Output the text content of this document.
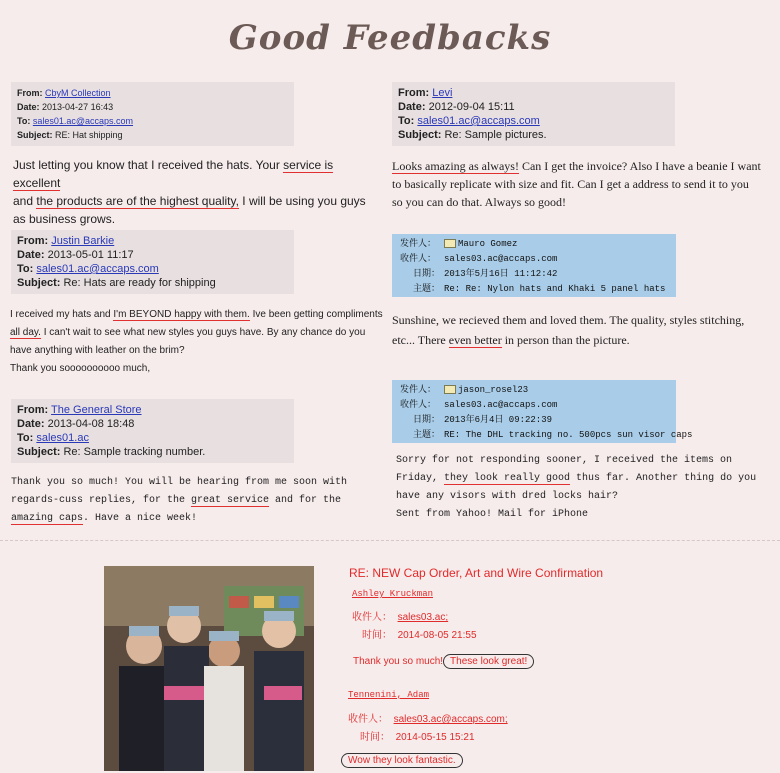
Good Feedbacks
From: CbyM Collection
Date: 2013-04-27 16:43
To: sales01.ac@accaps.com
Subject: RE: Hat shipping
Just letting you know that I received the hats. Your service is excellent
and the products are of the highest quality, I will be using you guys as business grows.
From: Justin Barkie
Date: 2013-05-01 11:17
To: sales01.ac@accaps.com
Subject: Re: Hats are ready for shipping
I received my hats and I'm BEYOND happy with them. Ive been getting compliments all day. I can't wait to see what new styles you guys have. By any chance do you have anything with leather on the brim?
Thank you soooooooooo much,
From: The General Store
Date: 2013-04-08 18:48
To: sales01.ac
Subject: Re: Sample tracking number.
Thank you so much! You will be hearing from me soon with regards-cuss replies, for the great service and for the amazing caps. Have a nice week!
From: Levi
Date: 2012-09-04 15:11
To: sales01.ac@accaps.com
Subject: Re: Sample pictures.
Looks amazing as always! Can I get the invoice? Also I have a beanie I want to basically replicate with size and fit. Can I get a address to send it to you so you can do that. Always so good!
发件人： Mauro Gomez
收件人： sales03.ac@accaps.com
日期： 2013年5月16日 11:12:42
主题： Re: Re: Nylon hats and Khaki 5 panel hats
Sunshine, we recieved them and loved them. The quality, styles stitching, etc... There even better in person than the picture.
发件人： jason_rosel23
收件人： sales03.ac@accaps.com
日期： 2013年6月4日 09:22:39
主题： RE: The DHL tracking no. 500pcs sun visor caps
Sorry for not responding sooner, I received the items on Friday, they look really good thus far. Another thing do you have any visors with dred locks hair?
Sent from Yahoo! Mail for iPhone
RE: NEW Cap Order, Art and Wire Confirmation
Ashley Kruckman
收件人： sales03.ac;
时间： 2014-08-05 21:55
Thank you so much! These look great!
Tennenini, Adam
收件人： sales03.ac@accaps.com;
时间： 2014-05-15 15:21
Wow they look fantastic.
